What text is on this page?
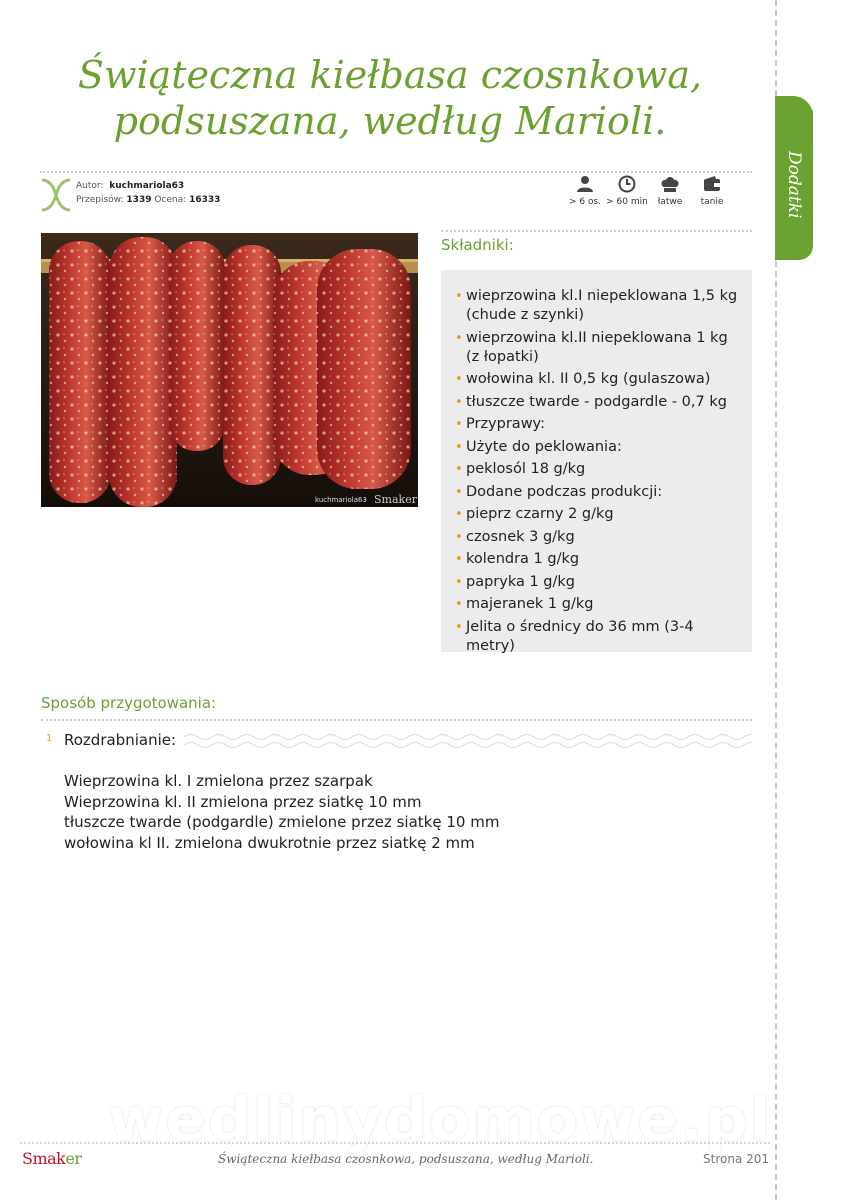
Dodatki
Świąteczna kiełbasa czosnkowa, podsuszana, według Marioli.
Autor: kuchmariola63
Przepisów: 1339 Ocena: 16333	> 6 os. > 60 min	łatwe	tanie
kuchmariola63 Smaker
Składniki:
• wieprzowina kl.I niepeklowana 1,5 kg (chude z szynki)
• wieprzowina kl.II niepeklowana 1 kg (z łopatki)
• wołowina kl. II 0,5 kg (gulaszowa)
• tłuszcze twarde - podgardle - 0,7 kg
• Przyprawy:
• Użyte do peklowania:
• peklosól 18 g/kg
• Dodane podczas produkcji:
• pieprz czarny 2 g/kg
• czosnek 3 g/kg
• kolendra 1 g/kg
• papryka 1 g/kg
• majeranek 1 g/kg
• Jelita o średnicy do 36 mm (3-4 metry)
Sposób przygotowania:
1 Rozdrabnianie:
Wieprzowina kl. I zmielona przez szarpak
Wieprzowina kl. II zmielona przez siatkę 10 mm
tłuszcze twarde (podgardle) zmielone przez siatkę 10 mm
wołowina kl II. zmielona dwukrotnie przez siatkę 2 mm
wedlinydomowe.pl
Smaker	Świąteczna kiełbasa czosnkowa, podsuszana, według Marioli.	Strona 201
